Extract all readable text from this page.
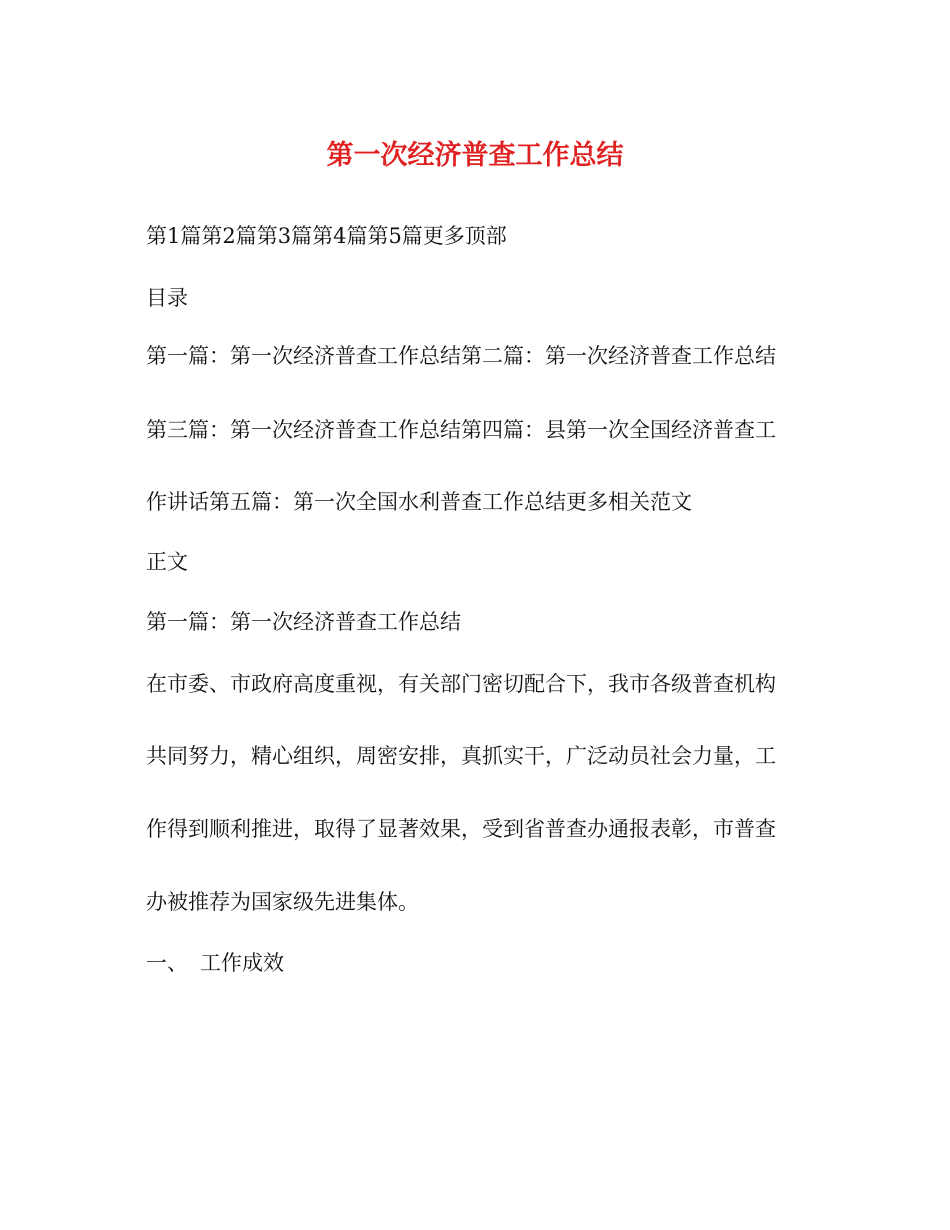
第一次经济普查工作总结
第1篇第2篇第3篇第4篇第5篇更多顶部
目录
第一篇：第一次经济普查工作总结第二篇：第一次经济普查工作总结
第三篇：第一次经济普查工作总结第四篇：县第一次全国经济普查工
作讲话第五篇：第一次全国水利普查工作总结更多相关范文
正文
第一篇：第一次经济普查工作总结
在市委、市政府高度重视，有关部门密切配合下，我市各级普查机构
共同努力，精心组织，周密安排，真抓实干，广泛动员社会力量，工
作得到顺利推进，取得了显著效果，受到省普查办通报表彰，市普查
办被推荐为国家级先进集体。
一、 工作成效
